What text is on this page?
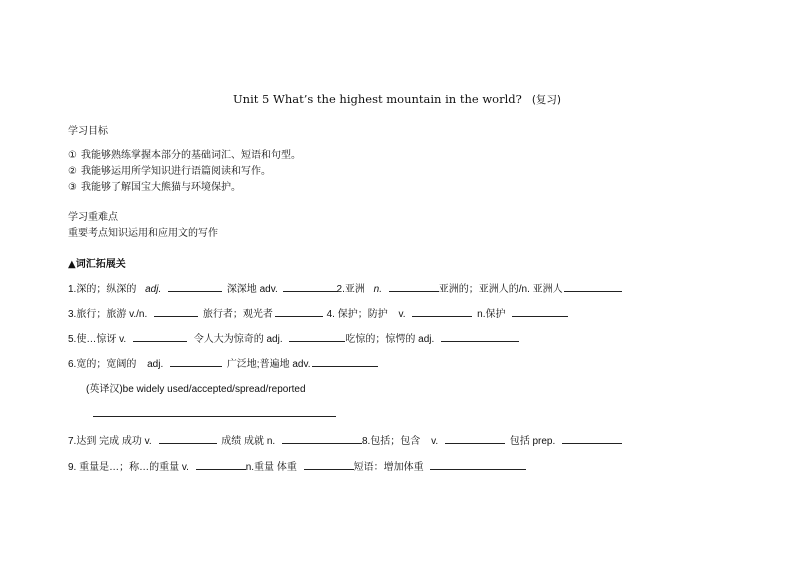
Unit 5 What’s the highest mountain in the world? (复习)
学习目标
① 我能够熟练掌握本部分的基础词汇、短语和句型。
② 我能够运用所学知识进行语篇阅读和写作。
③ 我能够了解国宝大熊猫与环境保护。
学习重难点
重要考点知识运用和应用文的写作
▲词汇拓展关
1.深的；纵深的 adj.	深深地 adv.	2.亚洲 n.	亚洲的；亚洲人的/n. 亚洲人
3.旅行；旅游 v./n.	旅行者；观光者	4. 保护；防护 v.	n.保护
5.使…惊讶 v.	令人大为惊奇的 adj.	吃惊的；惊愕的 adj.
6.宽的；宽阔的 adj.	广泛地;普遍地 adv.
(英译汉)be widely used/accepted/spread/reported
7.达到 完成 成功 v.	成绩 成就 n.	8.包括；包含 v.	包括 prep.
9. 重量是…；称…的重量 v.	n.重量 体重	短语：增加体重
